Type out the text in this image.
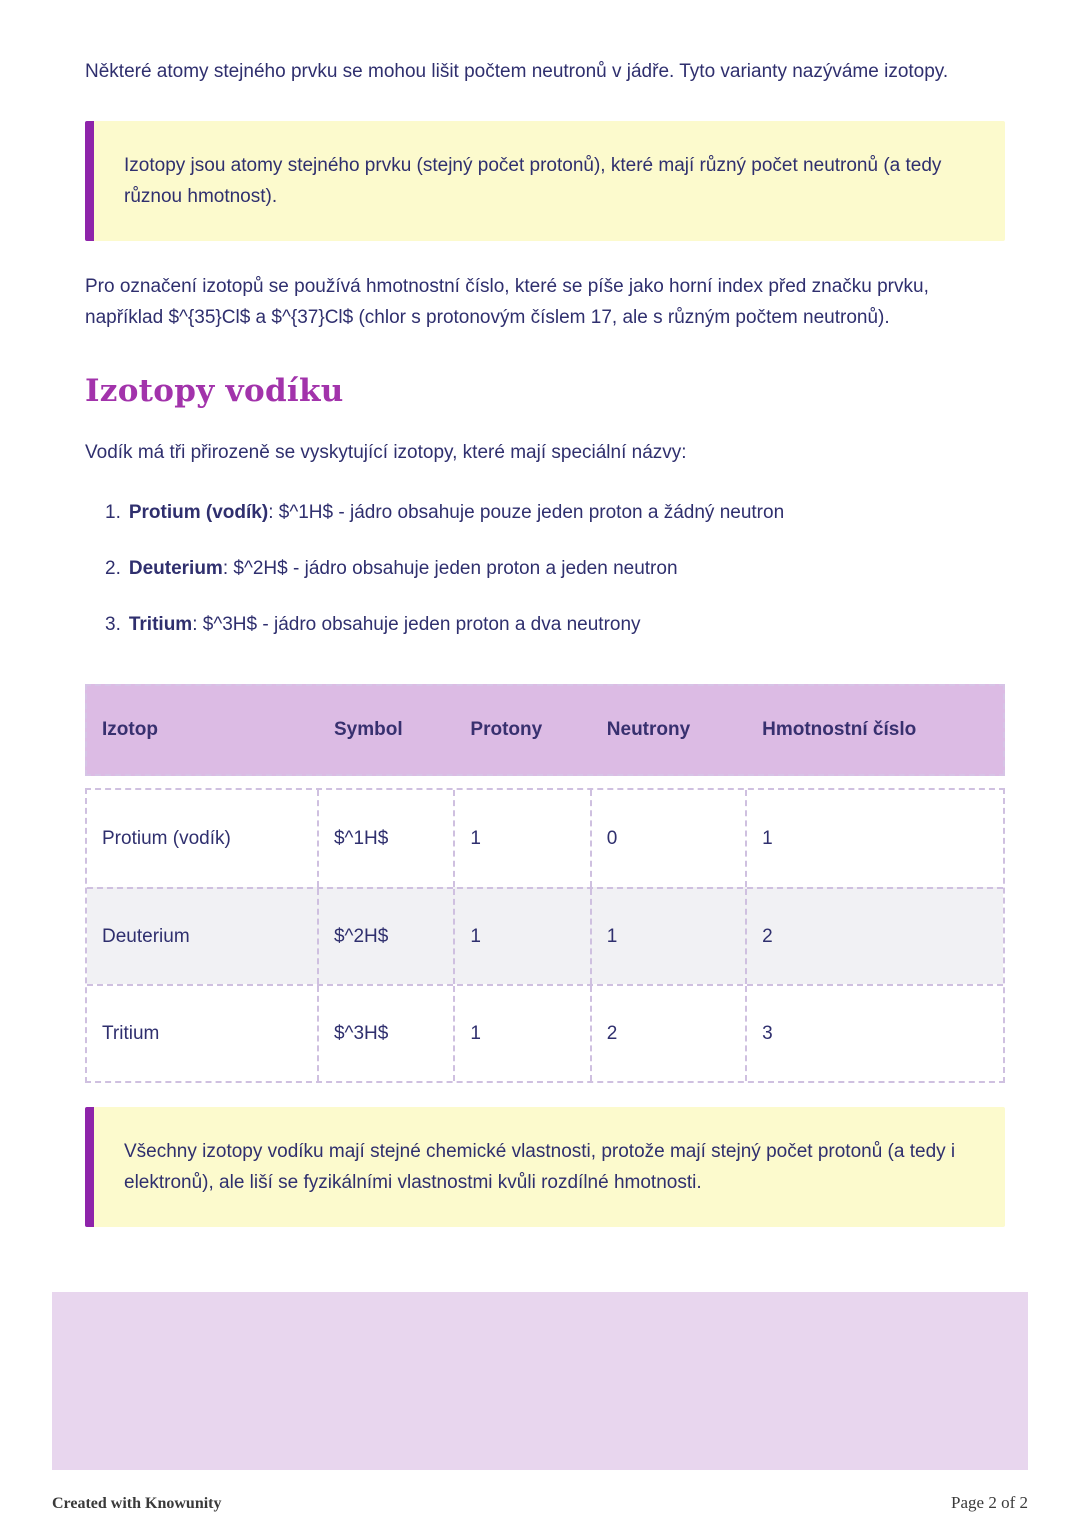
Některé atomy stejného prvku se mohou lišit počtem neutronů v jádře. Tyto varianty nazýváme izotopy.

Izotopy jsou atomy stejného prvku (stejný počet protonů), které mají různý počet neutronů (a tedy různou hmotnost).

Pro označení izotopů se používá hmotnostní číslo, které se píše jako horní index před značku prvku, například $^{35}Cl$ a $^{37}Cl$ (chlor s protonovým číslem 17, ale s různým počtem neutronů).

Izotopy vodíku

Vodík má tři přirozeně se vyskytující izotopy, které mají speciální názvy:

1. Protium (vodík): $^1H$ - jádro obsahuje pouze jeden proton a žádný neutron
2. Deuterium: $^2H$ - jádro obsahuje jeden proton a jeden neutron
3. Tritium: $^3H$ - jádro obsahuje jeden proton a dva neutrony
Izotop	Symbol	Protony	Neutrony	Hmotnostní číslo
Protium (vodík)	$^1H$	1	0	1
Deuterium	$^2H$	1	1	2
Tritium	$^3H$	1	2	3

Všechny izotopy vodíku mají stejné chemické vlastnosti, protože mají stejný počet protonů (a tedy i elektronů), ale liší se fyzikálními vlastnostmi kvůli rozdílné hmotnosti.

Created with Knowunity	Page 2 of 2
